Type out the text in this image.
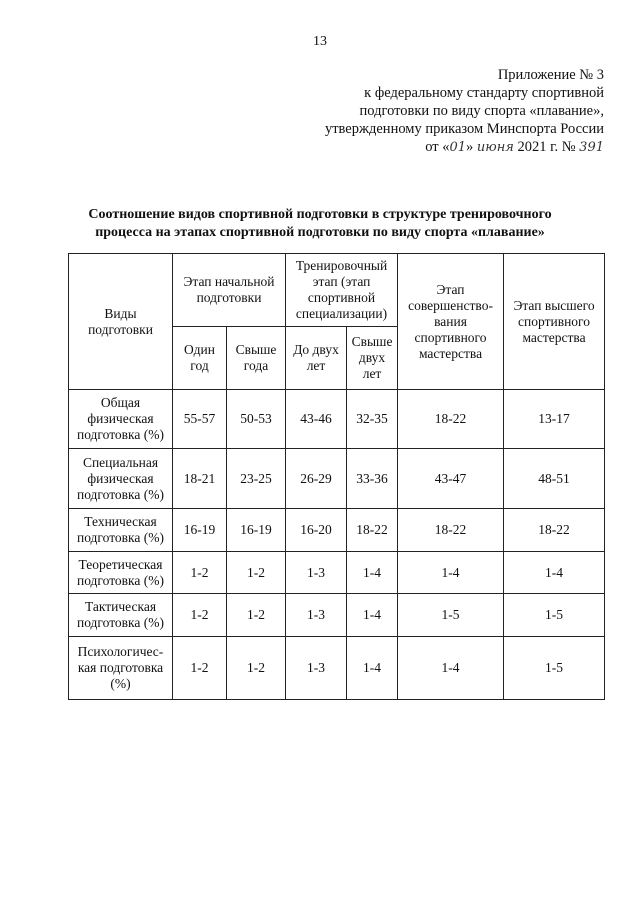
13
Приложение № 3
к федеральному стандарту спортивной
подготовки по виду спорта «плавание»,
утвержденному приказом Минспорта России
от «01» июня 2021 г. № 391
Соотношение видов спортивной подготовки в структуре тренировочного
процесса на этапах спортивной подготовки по виду спорта «плавание»
Виды подготовки	Этап начальной подготовки		Тренировочный этап (этап спортивной специализации)		Этап совершенство-вания спортивного мастерства	Этап высшего спортивного мастерства
	Один год	Свыше года	До двух лет	Свыше двух лет		
Общая физическая подготовка (%)	55-57	50-53	43-46	32-35	18-22	13-17
Специальная физическая подготовка (%)	18-21	23-25	26-29	33-36	43-47	48-51
Техническая подготовка (%)	16-19	16-19	16-20	18-22	18-22	18-22
Теоретическая подготовка (%)	1-2	1-2	1-3	1-4	1-4	1-4
Тактическая подготовка (%)	1-2	1-2	1-3	1-4	1-5	1-5
Психологичес-кая подготовка (%)	1-2	1-2	1-3	1-4	1-4	1-5
